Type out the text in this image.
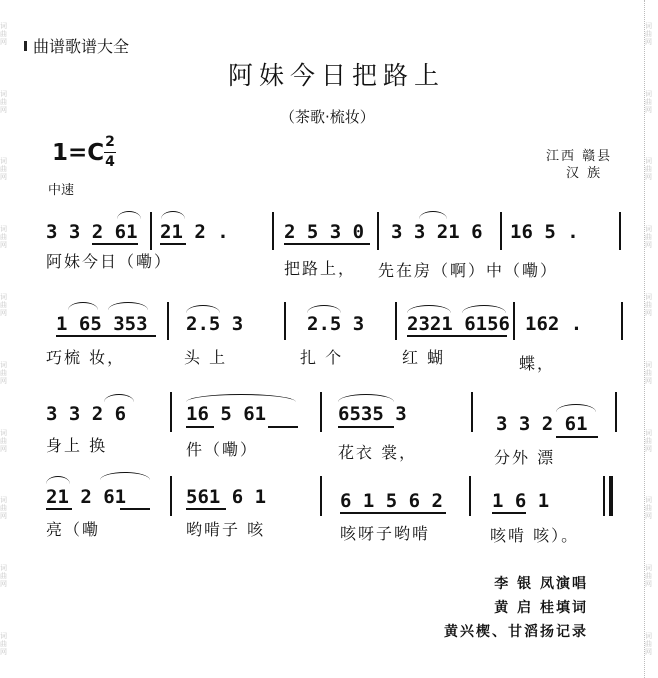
词曲网
词曲网
词曲网
词曲网
词曲网
词曲网
词曲网
词曲网
词曲网
词曲网
词曲网
词曲网
词曲网
词曲网
词曲网
词曲网
词曲网
词曲网
词曲网
词曲网
曲谱歌谱大全
阿妹今日把路上
（茶歌·梳妆）
1=C 2
4
中速
江西 赣县
汉 族
3 3 2 61 21 2 .	2 5 3 0 3 3 21 6 16 5 .
阿妹今日（嘞）	把路上， 先在房（啊）中（嘞）
1 65 353 2.5 3	2.5 3 2321 6156 162 .
巧梳 妆，	头 上	扎 个	红 蝴	蝶，
3 3 2 6	16 5 61	6535 3	3 3 2 61
身上 换	件（嘞）	花衣 裳，	分外 漂
21 2 61	561 6 1	6 1 5 6 2	1 6 1
亮（嘞	哟啃子 咳	咳呀子哟啃	咳啃 咳）。
李 银 凤演唱
黄 启 桂填词
黄兴楔、甘滔扬记录
